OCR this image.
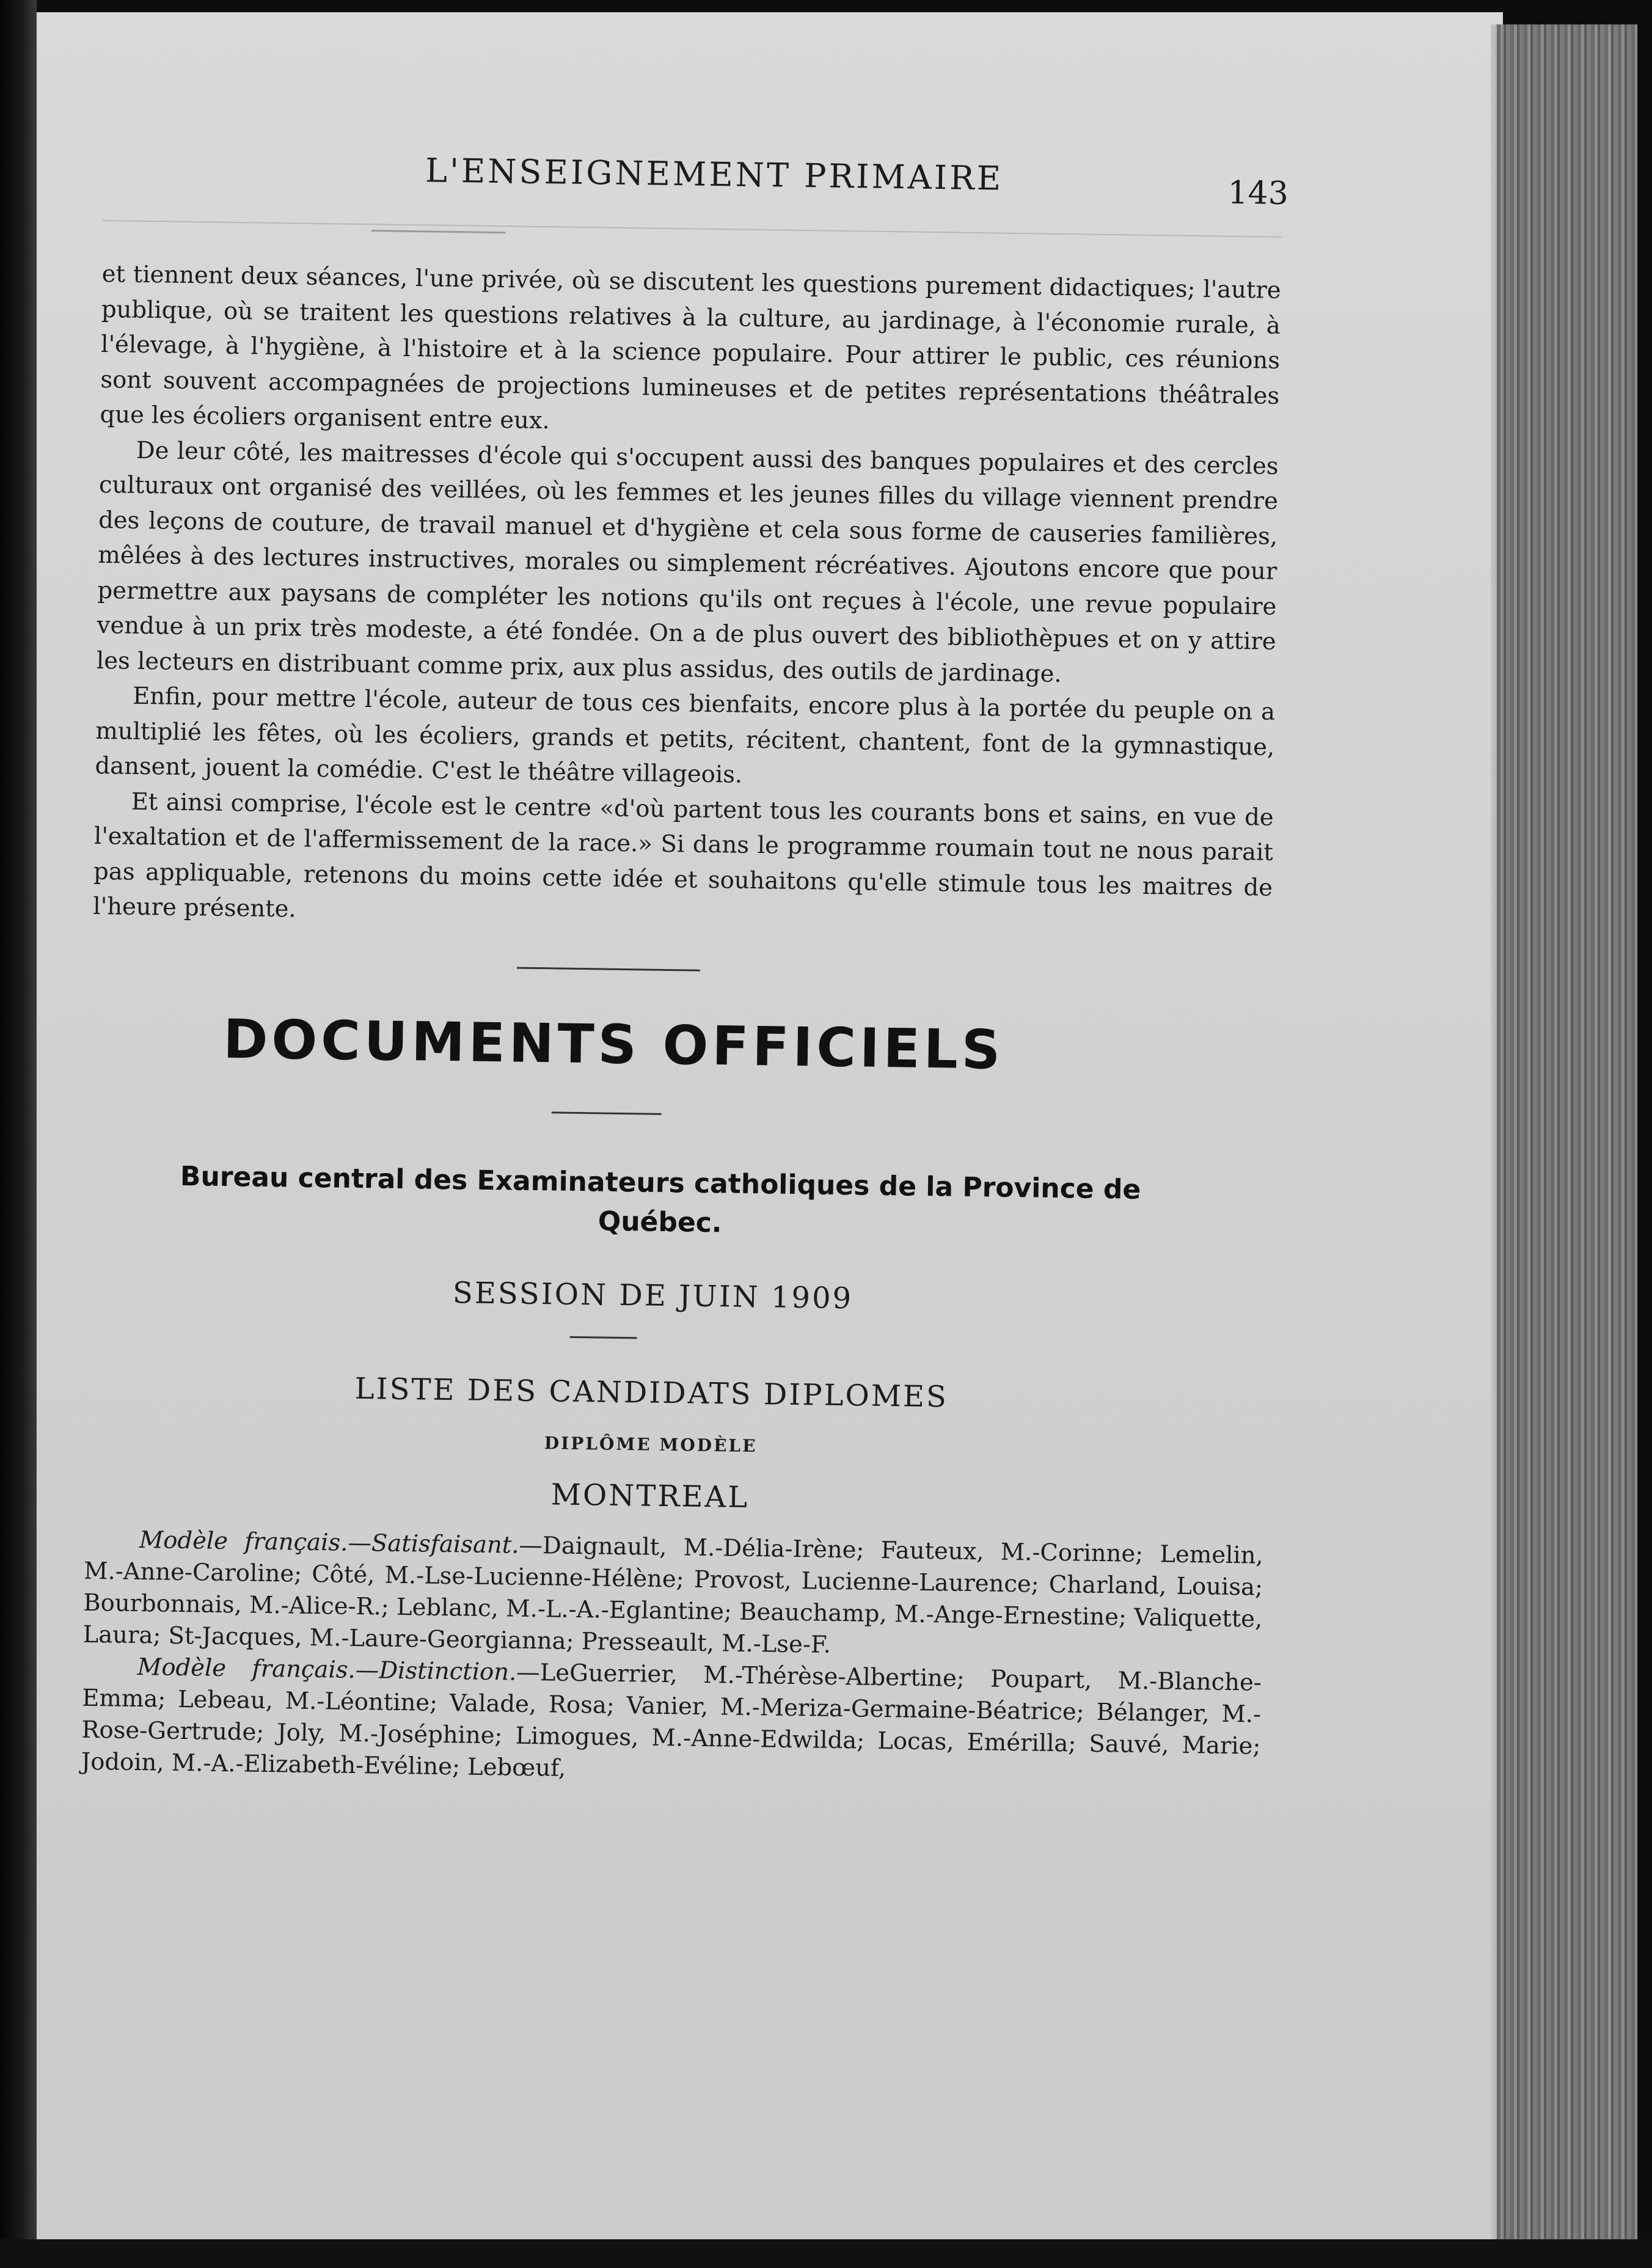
L'ENSEIGNEMENT PRIMAIRE	143

et tiennent deux séances, l'une privée, où se discutent les questions purement didactiques; l'autre publique, où se traitent les questions relatives à la culture, au jardinage, à l'économie rurale, à l'élevage, à l'hygiène, à l'histoire et à la science populaire. Pour attirer le public, ces réunions sont souvent accompagnées de projections lumineuses et de petites représentations théâtrales que les écoliers organisent entre eux.

De leur côté, les maitresses d'école qui s'occupent aussi des banques populaires et des cercles culturaux ont organisé des veillées, où les femmes et les jeunes filles du village viennent prendre des leçons de couture, de travail manuel et d'hygiène et cela sous forme de causeries familières, mêlées à des lectures instructives, morales ou simplement récréatives. Ajoutons encore que pour permettre aux paysans de compléter les notions qu'ils ont reçues à l'école, une revue populaire vendue à un prix très modeste, a été fondée. On a de plus ouvert des bibliothèpues et on y attire les lecteurs en distribuant comme prix, aux plus assidus, des outils de jardinage.

Enfin, pour mettre l'école, auteur de tous ces bienfaits, encore plus à la portée du peuple on a multiplié les fêtes, où les écoliers, grands et petits, récitent, chantent, font de la gymnastique, dansent, jouent la comédie. C'est le théâtre villageois.

Et ainsi comprise, l'école est le centre «d'où partent tous les courants bons et sains, en vue de l'exaltation et de l'affermissement de la race.» Si dans le programme roumain tout ne nous parait pas appliquable, retenons du moins cette idée et souhaitons qu'elle stimule tous les maitres de l'heure présente.

DOCUMENTS OFFICIELS
Bureau central des Examinateurs catholiques de la Province de Québec.
SESSION DE JUIN 1909
LISTE DES CANDIDATS DIPLOMES
DIPLÔME MODÈLE
MONTREAL

Modèle français.—Satisfaisant.—Daignault, M.-Délia-Irène; Fauteux, M.-Corinne; Lemelin, M.-Anne-Caroline; Côté, M.-Lse-Lucienne-Hélène; Provost, Lucienne-Laurence; Charland, Louisa; Bourbonnais, M.-Alice-R.; Leblanc, M.-L.-A.-Eglantine; Beauchamp, M.-Ange-Ernestine; Valiquette, Laura; St-Jacques, M.-Laure-Georgianna; Presseault, M.-Lse-F.

Modèle français.—Distinction.—LeGuerrier, M.-Thérèse-Albertine; Poupart, M.-Blanche-Emma; Lebeau, M.-Léontine; Valade, Rosa; Vanier, M.-Meriza-Germaine-Béatrice; Bélanger, M.-Rose-Gertrude; Joly, M.-Joséphine; Limogues, M.-Anne-Edwilda; Locas, Emérilla; Sauvé, Marie; Jodoin, M.-A.-Elizabeth-Evéline; Lebœuf,
